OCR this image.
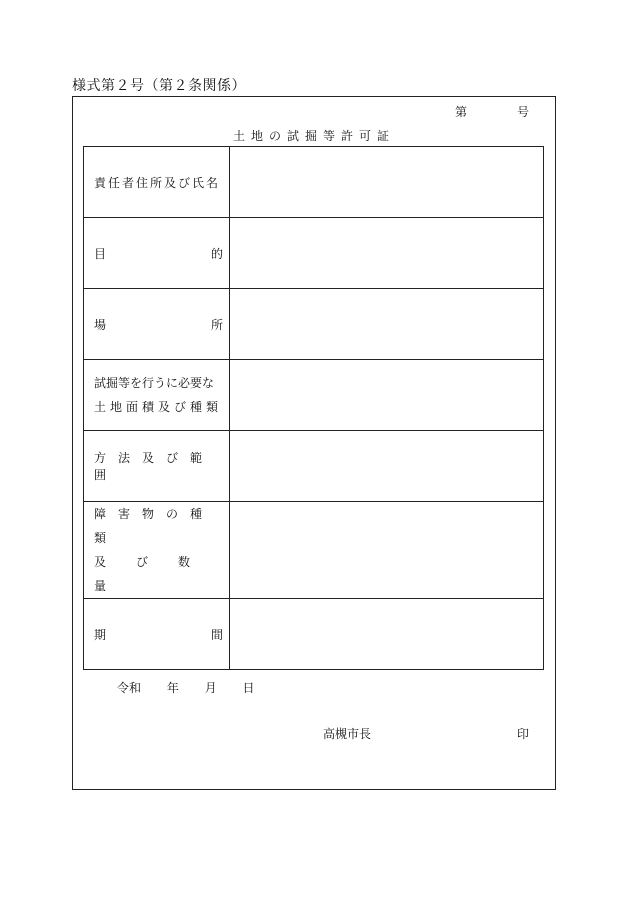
様式第２号（第２条関係）
第	号
土地の試掘等許可証
責任者住所及び氏名	

目 的	

場 所	

試掘等を行うに必要な
土地面積及び種類	

方法及び範囲	

障害物の種類
及び数量	

期 間	

令和 年 月 日
高槻市長	印
